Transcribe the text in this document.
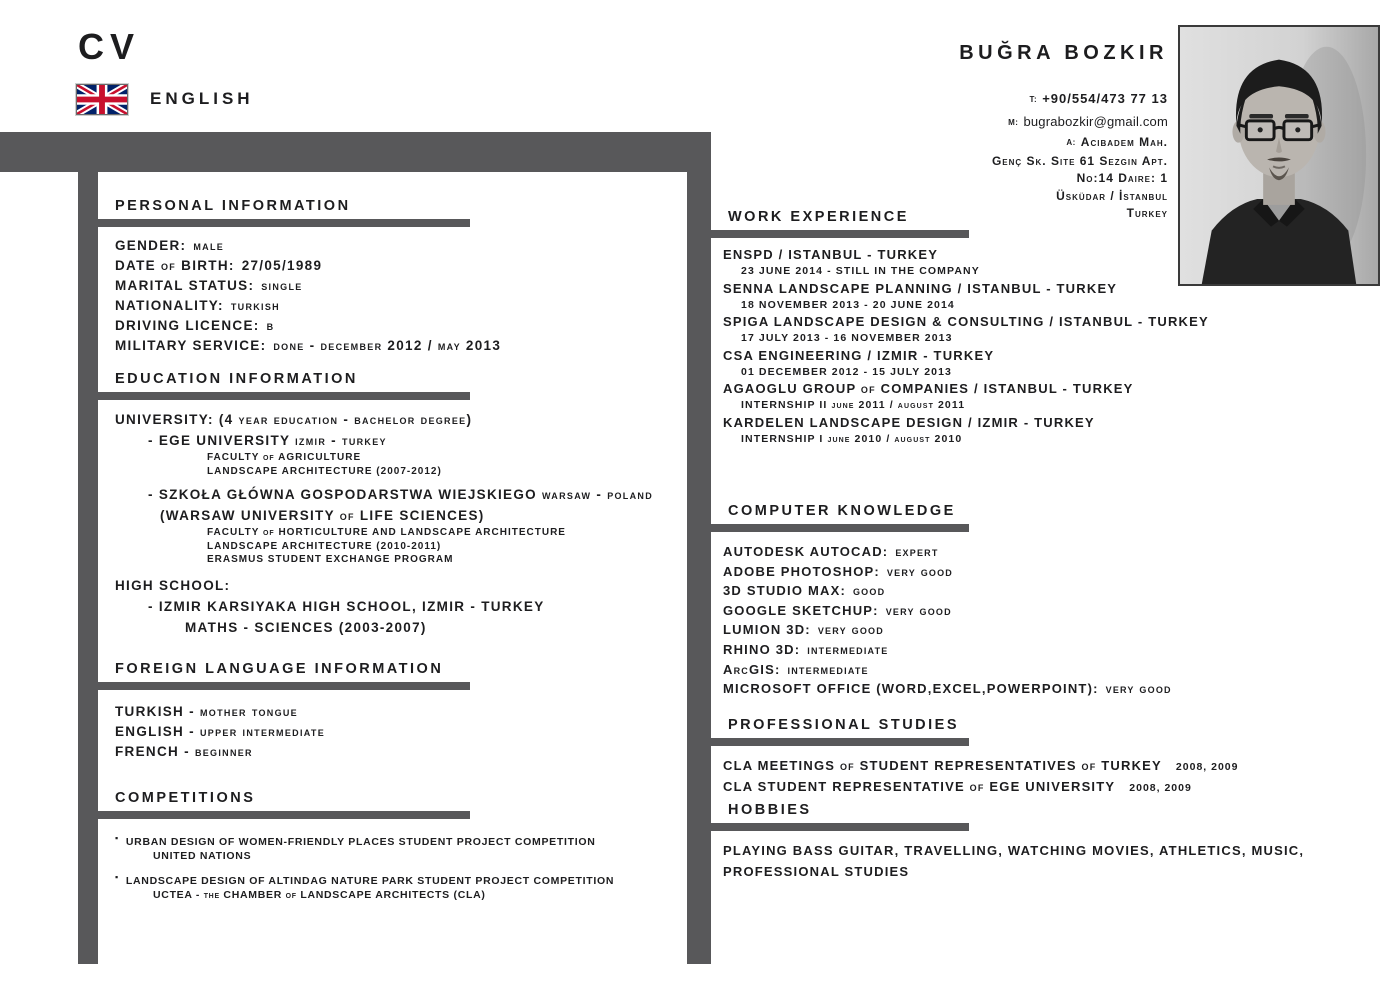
CV
ENGLISH
BUĞRA BOZKIR
T: +90/554/473 77 13
M: bugrabozkir@gmail.com
A: Acibadem Mah.
Genç Sk. Site 61 Sezgin Apt.
No:14 Daire: 1
Üsküdar / İstanbul
Turkey
PERSONAL INFORMATION
GENDER: male
DATE of BIRTH: 27/05/1989
MARITAL STATUS: single
NATIONALITY: turkish
DRIVING LICENCE: b
MILITARY SERVICE: done - december 2012 / may 2013
EDUCATION INFORMATION
UNIVERSITY: (4 year education - bachelor degree)
- EGE UNIVERSITY izmir - turkey
FACULTY of AGRICULTURE
LANDSCAPE ARCHITECTURE (2007-2012)
- SZKOŁA GŁÓWNA GOSPODARSTWA WIEJSKIEGO warsaw - poland
(WARSAW UNIVERSITY of LIFE SCIENCES)
FACULTY of HORTICULTURE AND LANDSCAPE ARCHITECTURE
LANDSCAPE ARCHITECTURE (2010-2011)
ERASMUS STUDENT EXCHANGE PROGRAM
HIGH SCHOOL:
- IZMIR KARSIYAKA HIGH SCHOOL, IZMIR - TURKEY
MATHS - SCIENCES (2003-2007)
FOREIGN LANGUAGE INFORMATION
TURKISH - mother tongue
ENGLISH - upper intermediate
FRENCH - beginner
COMPETITIONS
▪ URBAN DESIGN OF WOMEN-FRIENDLY PLACES STUDENT PROJECT COMPETITION
UNITED NATIONS
▪ LANDSCAPE DESIGN OF ALTINDAG NATURE PARK STUDENT PROJECT COMPETITION
UCTEA - the CHAMBER of LANDSCAPE ARCHITECTS (CLA)
WORK EXPERIENCE
ENSPD / ISTANBUL - TURKEY
23 JUNE 2014 - STILL IN THE COMPANY
SENNA LANDSCAPE PLANNING / ISTANBUL - TURKEY
18 NOVEMBER 2013 - 20 JUNE 2014
SPIGA LANDSCAPE DESIGN & CONSULTING / ISTANBUL - TURKEY
17 JULY 2013 - 16 NOVEMBER 2013
CSA ENGINEERING / IZMIR - TURKEY
01 DECEMBER 2012 - 15 JULY 2013
AGAOGLU GROUP of COMPANIES / ISTANBUL - TURKEY
INTERNSHIP II june 2011 / august 2011
KARDELEN LANDSCAPE DESIGN / IZMIR - TURKEY
INTERNSHIP I june 2010 / august 2010
COMPUTER KNOWLEDGE
AUTODESK AUTOCAD: expert
ADOBE PHOTOSHOP: very good
3D STUDIO MAX: good
GOOGLE SKETCHUP: very good
LUMION 3D: very good
RHINO 3D: intermediate
ArcGIS: intermediate
MICROSOFT OFFICE (WORD,EXCEL,POWERPOINT): very good
PROFESSIONAL STUDIES
CLA MEETINGS of STUDENT REPRESENTATIVES of TURKEY 2008, 2009
CLA STUDENT REPRESENTATIVE of EGE UNIVERSITY 2008, 2009
HOBBIES
PLAYING BASS GUITAR, TRAVELLING, WATCHING MOVIES, ATHLETICS, MUSIC, PROFESSIONAL STUDIES
